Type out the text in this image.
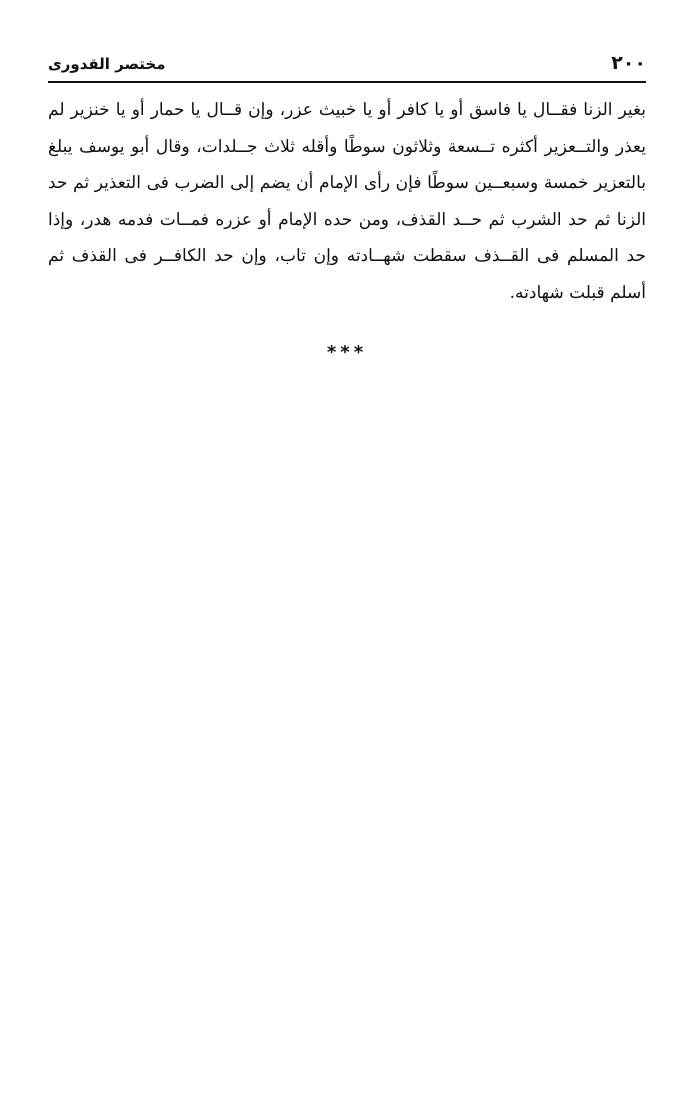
٢٠٠
مختصر القدورى

بغير الزنا فقــال يا فاسق أو يا كافر أو يا خبيث عزر، وإن قــال يا حمار أو يا خنزير لم يعذر والتــعزير أكثره تــسعة وثلاثون سوطًا وأقله ثلاث جــلدات، وقال أبو يوسف يبلغ بالتعزير خمسة وسبعــين سوطًا فإن رأى الإمام أن يضم إلى الضرب فى التعذير ثم حد الزنا ثم حد الشرب ثم حــد القذف، ومن حده الإمام أو عزره فمــات فدمه هدر، وإذا حد المسلم فى القــذف سقطت شهــادته وإن تاب، وإن حد الكافــر فى القذف ثم أسلم قبلت شهادته.

***
